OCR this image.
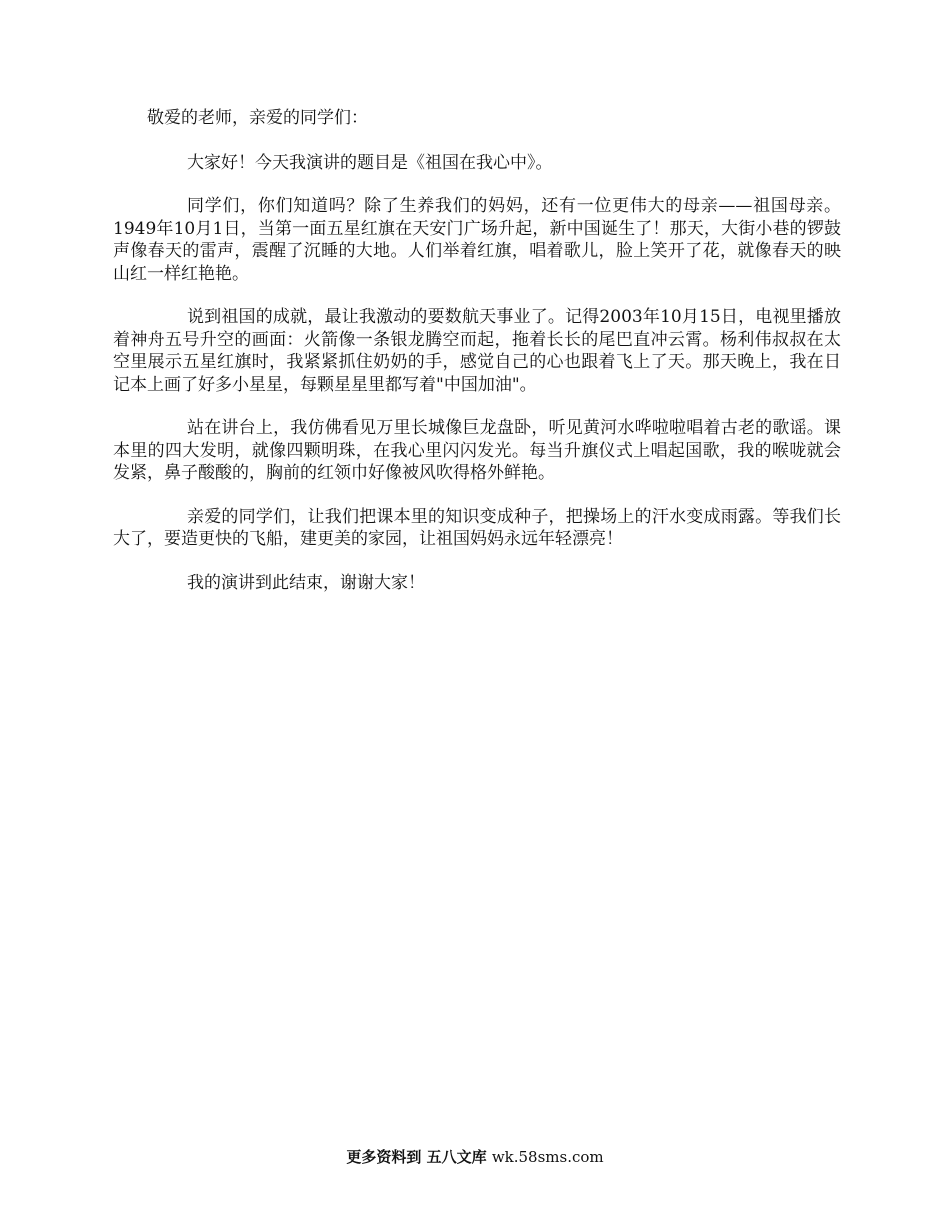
敬爱的老师，亲爱的同学们：

大家好！今天我演讲的题目是《祖国在我心中》。

同学们，你们知道吗？除了生养我们的妈妈，还有一位更伟大的母亲——祖国母亲。1949年10月1日，当第一面五星红旗在天安门广场升起，新中国诞生了！那天，大街小巷的锣鼓声像春天的雷声，震醒了沉睡的大地。人们举着红旗，唱着歌儿，脸上笑开了花，就像春天的映山红一样红艳艳。

说到祖国的成就，最让我激动的要数航天事业了。记得2003年10月15日，电视里播放着神舟五号升空的画面：火箭像一条银龙腾空而起，拖着长长的尾巴直冲云霄。杨利伟叔叔在太空里展示五星红旗时，我紧紧抓住奶奶的手，感觉自己的心也跟着飞上了天。那天晚上，我在日记本上画了好多小星星，每颗星星里都写着"中国加油"。

站在讲台上，我仿佛看见万里长城像巨龙盘卧，听见黄河水哗啦啦唱着古老的歌谣。课本里的四大发明，就像四颗明珠，在我心里闪闪发光。每当升旗仪式上唱起国歌，我的喉咙就会发紧，鼻子酸酸的，胸前的红领巾好像被风吹得格外鲜艳。

亲爱的同学们，让我们把课本里的知识变成种子，把操场上的汗水变成雨露。等我们长大了，要造更快的飞船，建更美的家园，让祖国妈妈永远年轻漂亮！

我的演讲到此结束，谢谢大家！

更多资料到 五八文库 wk.58sms.com
